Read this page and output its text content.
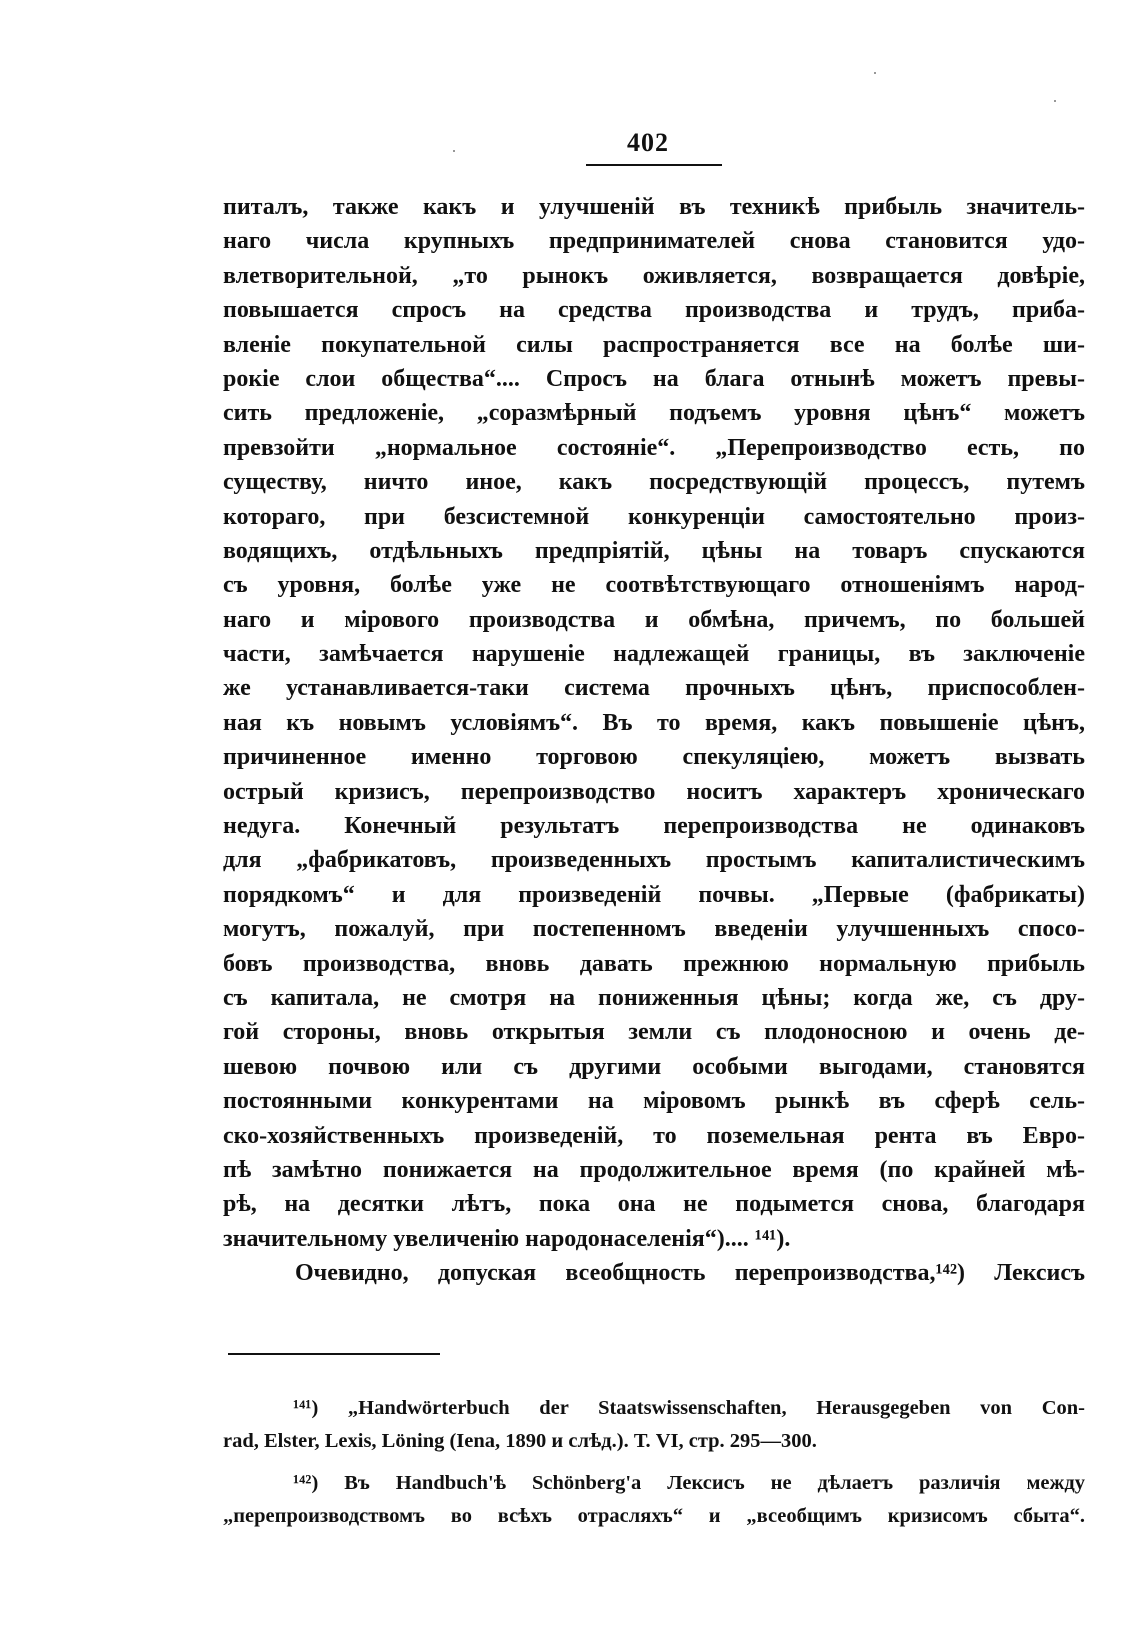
402
питалъ, также какъ и улучшенiй въ техникѣ прибыль значитель-
наго числа крупныхъ предпринимателей снова становится удо-
влетворительной, „то рынокъ оживляется, возвращается довѣрiе,
повышается спросъ на средства производства и трудъ, приба-
вленiе покупательной силы распространяется все на болѣе ши-
рокiе слои общества“.... Спросъ на блага отнынѣ можетъ превы-
сить предложенiе, „соразмѣрный подъемъ уровня цѣнъ“ можетъ
превзойти „нормальное состоянiе“. „Перепроизводство есть, по
существу, ничто иное, какъ посредствующiй процессъ, путемъ
котораго, при безсистемной конкуренцiи самостоятельно произ-
водящихъ, отдѣльныхъ предпрiятiй, цѣны на товаръ спускаются
съ уровня, болѣе уже не соотвѣтствующаго отношенiямъ народ-
наго и мiрового производства и обмѣна, причемъ, по большей
части, замѣчается нарушенiе надлежащей границы, въ заключенiе
же устанавливается-таки система прочныхъ цѣнъ, приспособлен-
ная къ новымъ условiямъ“. Въ то время, какъ повышенiе цѣнъ,
причиненное именно торговою спекуляцiею, можетъ вызвать
острый кризисъ, перепроизводство носитъ характеръ хроническаго
недуга. Конечный результатъ перепроизводства не одинаковъ
для „фабрикатовъ, произведенныхъ простымъ капиталистическимъ
порядкомъ“ и для произведенiй почвы. „Первые (фабрикаты)
могутъ, пожалуй, при постепенномъ введенiи улучшенныхъ спосо-
бовъ производства, вновь давать прежнюю нормальную прибыль
съ капитала, не смотря на пониженныя цѣны; когда же, съ дру-
гой стороны, вновь открытыя земли съ плодоносною и очень де-
шевою почвою или съ другими особыми выгодами, становятся
постоянными конкурентами на мiровомъ рынкѣ въ сферѣ сель-
ско-хозяйственныхъ произведенiй, то поземельная рента въ Евро-
пѣ замѣтно понижается на продолжительное время (по крайней мѣ-
рѣ, на десятки лѣтъ, пока она не подымется снова, благодаря
значительному увеличенiю народонаселенiя“).... ¹⁴¹).
Очевидно, допуская всеобщность перепроизводства,¹⁴²) Лексисъ
¹⁴¹) „Handwörterbuch der Staatswissenschaften, Herausgegeben von Con-
rad, Elster, Lexis, Löning (Iena, 1890 и слѣд.). Т. VI, стр. 295—300.
¹⁴²) Въ Handbuch'ѣ Schönberg'а Лексисъ не дѣлаетъ различiя между
„перепроизводствомъ во всѣхъ отрасляхъ“ и „всеобщимъ кризисомъ сбыта“.
